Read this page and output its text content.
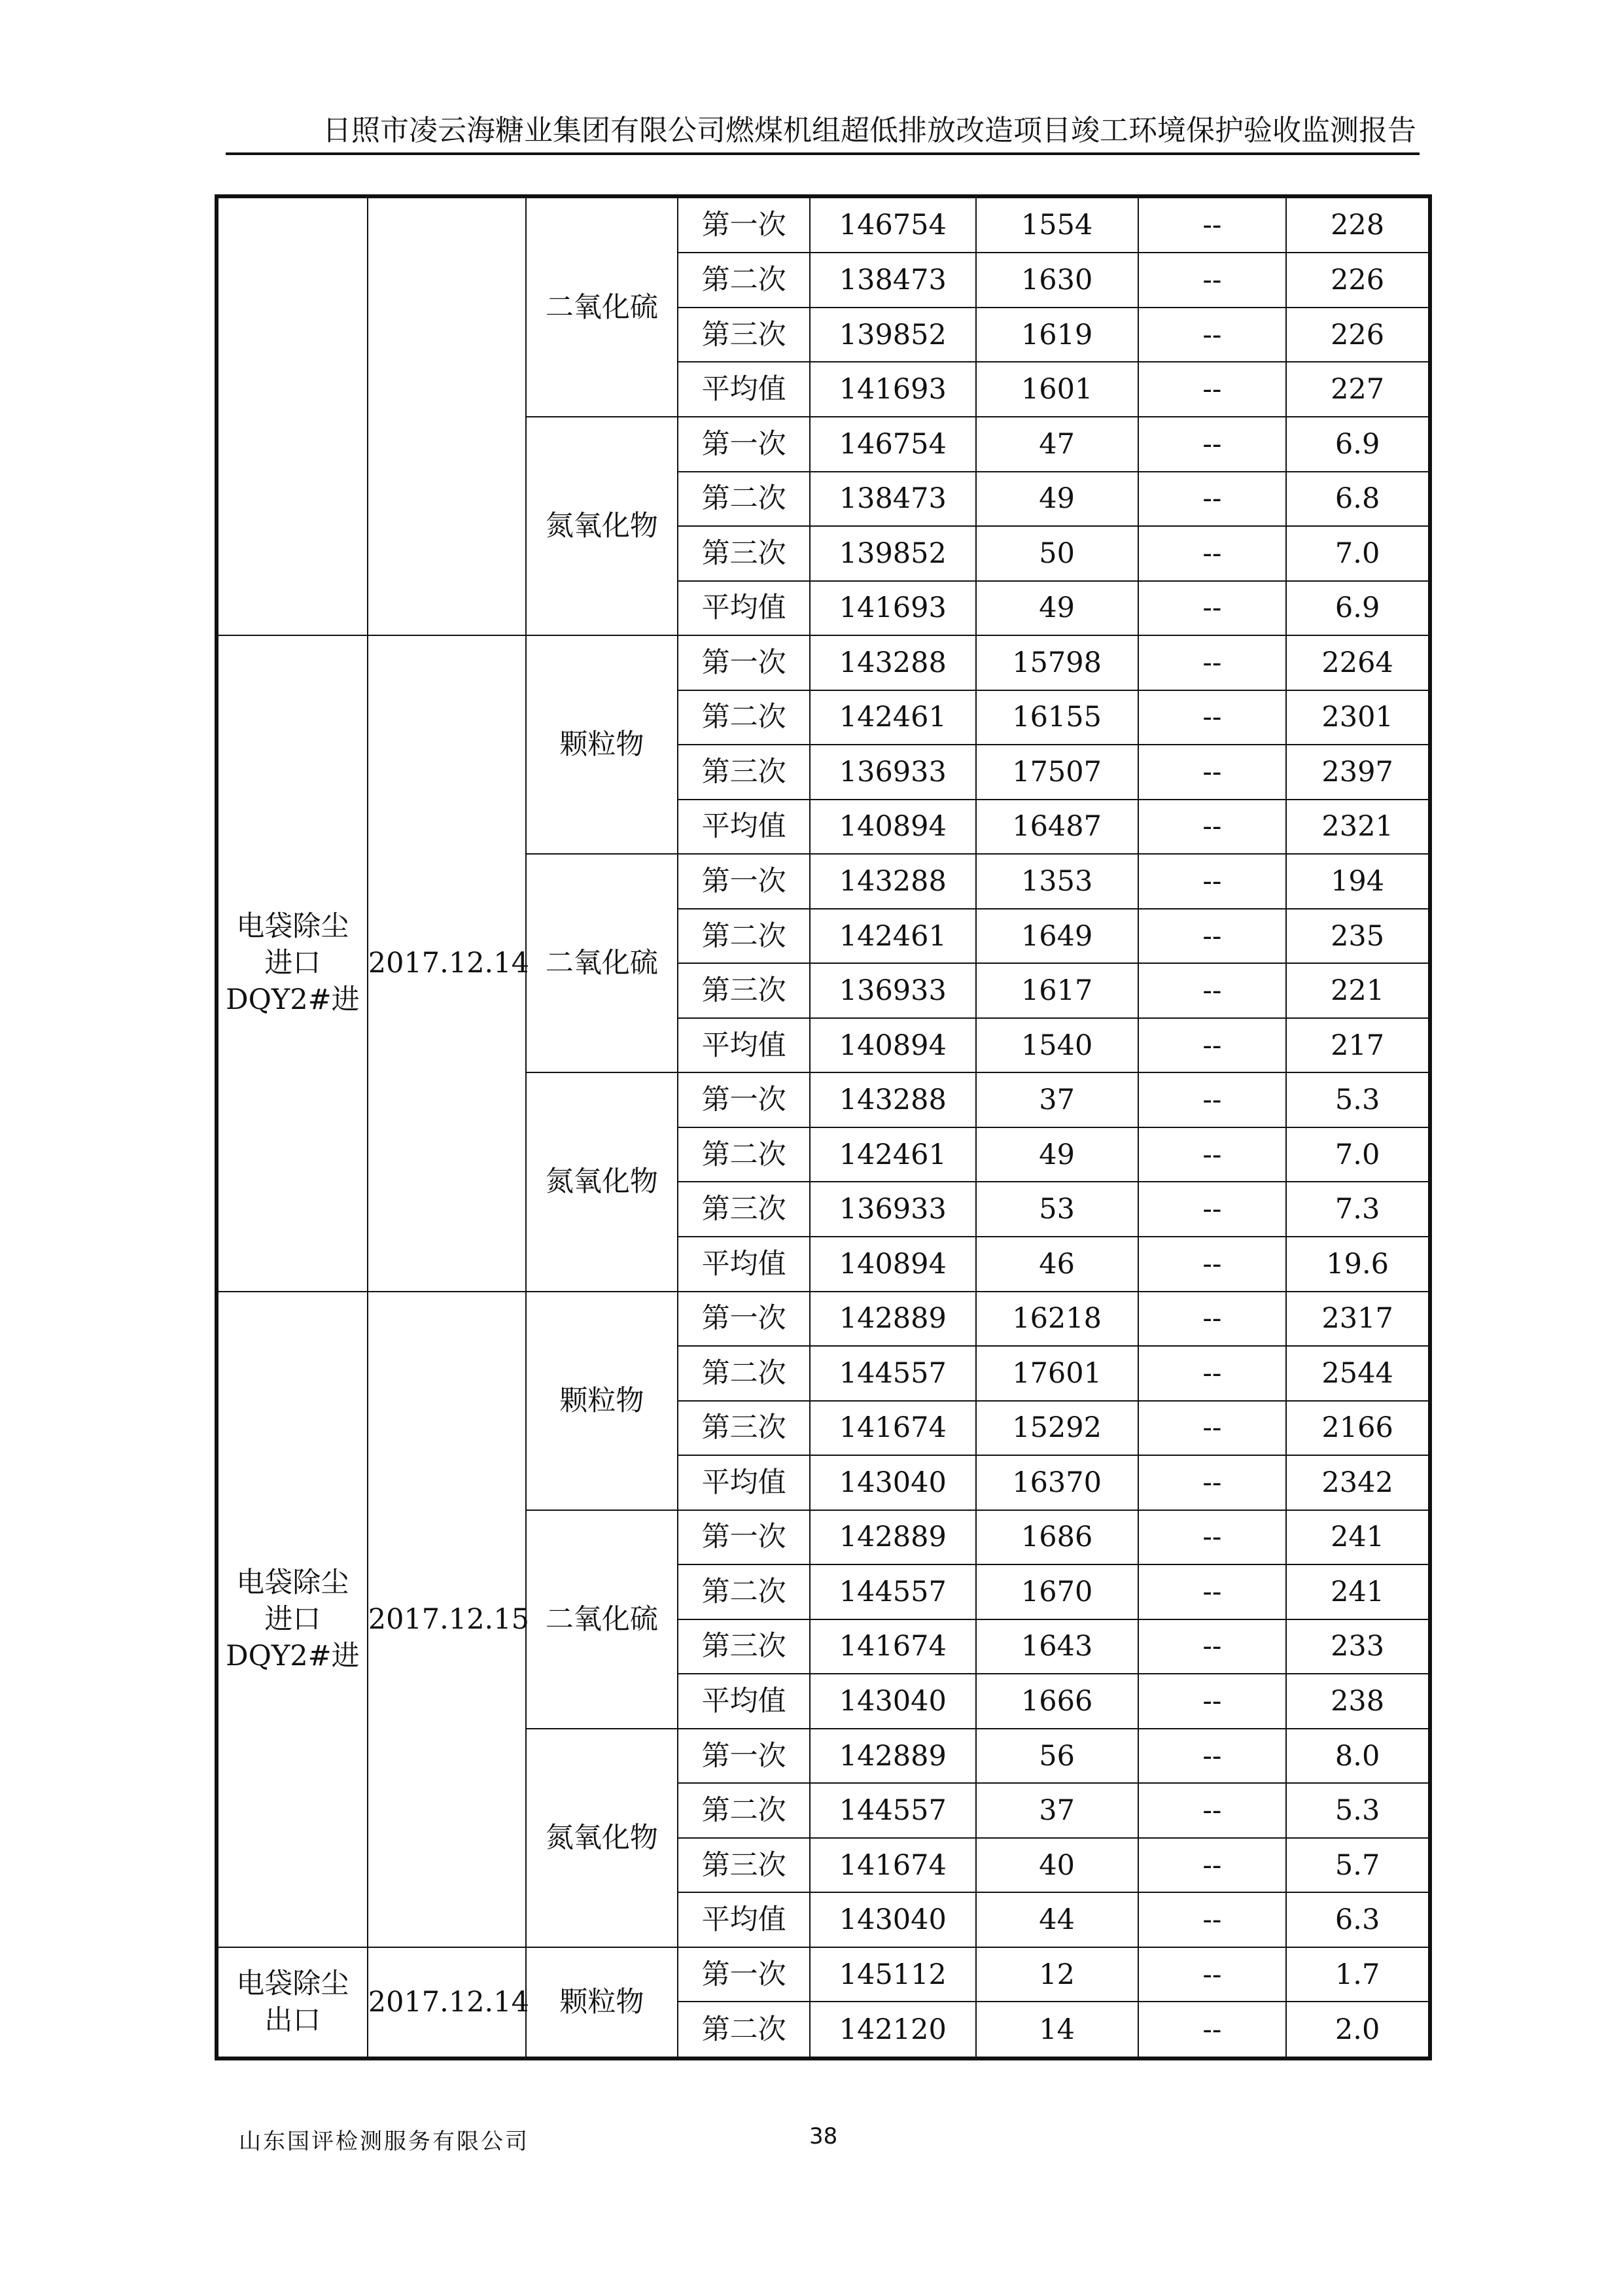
日照市凌云海糖业集团有限公司燃煤机组超低排放改造项目竣工环境保护验收监测报告
		二氧化硫	第一次	146754	1554	--	228
			第二次	138473	1630	--	226
			第三次	139852	1619	--	226
			平均值	141693	1601	--	227
		氮氧化物	第一次	146754	47	--	6.9
			第二次	138473	49	--	6.8
			第三次	139852	50	--	7.0
			平均值	141693	49	--	6.9

电袋除尘
进口
DQY2#进	2017.12.14	颗粒物	第一次	143288	15798	--	2264
			第二次	142461	16155	--	2301
			第三次	136933	17507	--	2397
			平均值	140894	16487	--	2321
		二氧化硫	第一次	143288	1353	--	194
			第二次	142461	1649	--	235
			第三次	136933	1617	--	221
			平均值	140894	1540	--	217
		氮氧化物	第一次	143288	37	--	5.3
			第二次	142461	49	--	7.0
			第三次	136933	53	--	7.3
			平均值	140894	46	--	19.6

电袋除尘
进口
DQY2#进	2017.12.15	颗粒物	第一次	142889	16218	--	2317
			第二次	144557	17601	--	2544
			第三次	141674	15292	--	2166
			平均值	143040	16370	--	2342
		二氧化硫	第一次	142889	1686	--	241
			第二次	144557	1670	--	241
			第三次	141674	1643	--	233
			平均值	143040	1666	--	238
		氮氧化物	第一次	142889	56	--	8.0
			第二次	144557	37	--	5.3
			第三次	141674	40	--	5.7
			平均值	143040	44	--	6.3

电袋除尘
出口	2017.12.14	颗粒物	第一次	145112	12	--	1.7
			第二次	142120	14	--	2.0
山东国评检测服务有限公司	38
